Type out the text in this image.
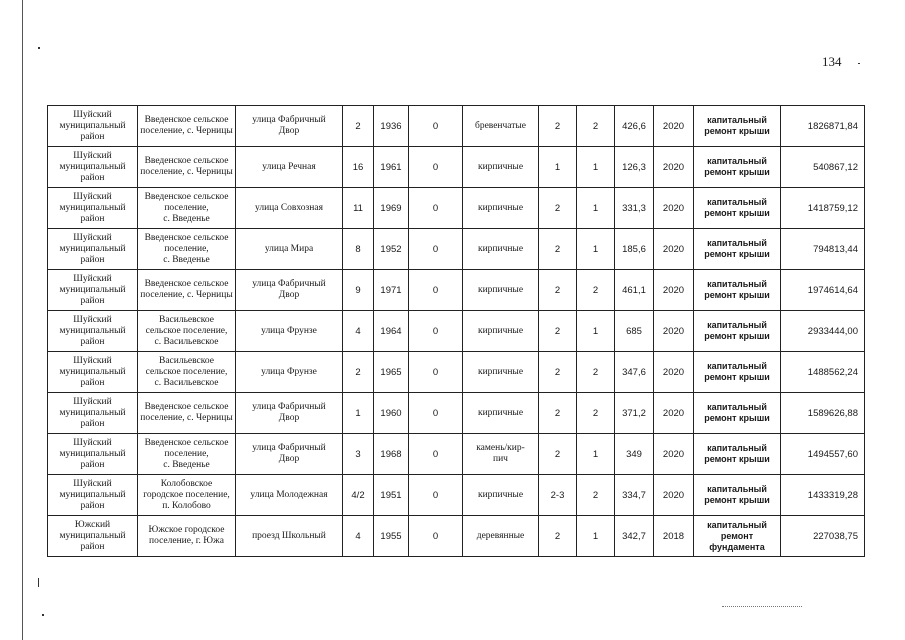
134
Шуйский
муниципальный
район	Введенское сельское
поселение, с. Черницы	улица Фабричный
Двор	2	1936	0	бревенчатые	2	2	426,6	2020	капитальный
ремонт крыши	1826871,84
Шуйский
муниципальный
район	Введенское сельское
поселение, с. Черницы	улица Речная	16	1961	0	кирпичные	1	1	126,3	2020	капитальный
ремонт крыши	540867,12
Шуйский
муниципальный
район	Введенское сельское
поселение,
с. Введенье	улица Совхозная	11	1969	0	кирпичные	2	1	331,3	2020	капитальный
ремонт крыши	1418759,12
Шуйский
муниципальный
район	Введенское сельское
поселение,
с. Введенье	улица Мира	8	1952	0	кирпичные	2	1	185,6	2020	капитальный
ремонт крыши	794813,44
Шуйский
муниципальный
район	Введенское сельское
поселение, с. Черницы	улица Фабричный
Двор	9	1971	0	кирпичные	2	2	461,1	2020	капитальный
ремонт крыши	1974614,64
Шуйский
муниципальный
район	Васильевское
сельское поселение,
с. Васильевское	улица Фрунзе	4	1964	0	кирпичные	2	1	685	2020	капитальный
ремонт крыши	2933444,00
Шуйский
муниципальный
район	Васильевское
сельское поселение,
с. Васильевское	улица Фрунзе	2	1965	0	кирпичные	2	2	347,6	2020	капитальный
ремонт крыши	1488562,24
Шуйский
муниципальный
район	Введенское сельское
поселение, с. Черницы	улица Фабричный
Двор	1	1960	0	кирпичные	2	2	371,2	2020	капитальный
ремонт крыши	1589626,88
Шуйский
муниципальный
район	Введенское сельское
поселение,
с. Введенье	улица Фабричный
Двор	3	1968	0	камень/кир-
пич	2	1	349	2020	капитальный
ремонт крыши	1494557,60
Шуйский
муниципальный
район	Колобовское
городское поселение,
п. Колобово	улица Молодежная	4/2	1951	0	кирпичные	2-3	2	334,7	2020	капитальный
ремонт крыши	1433319,28
Южский
муниципальный
район	Южское городское
поселение, г. Южа	проезд Школьный	4	1955	0	деревянные	2	1	342,7	2018	капитальный
ремонт
фундамента	227038,75
